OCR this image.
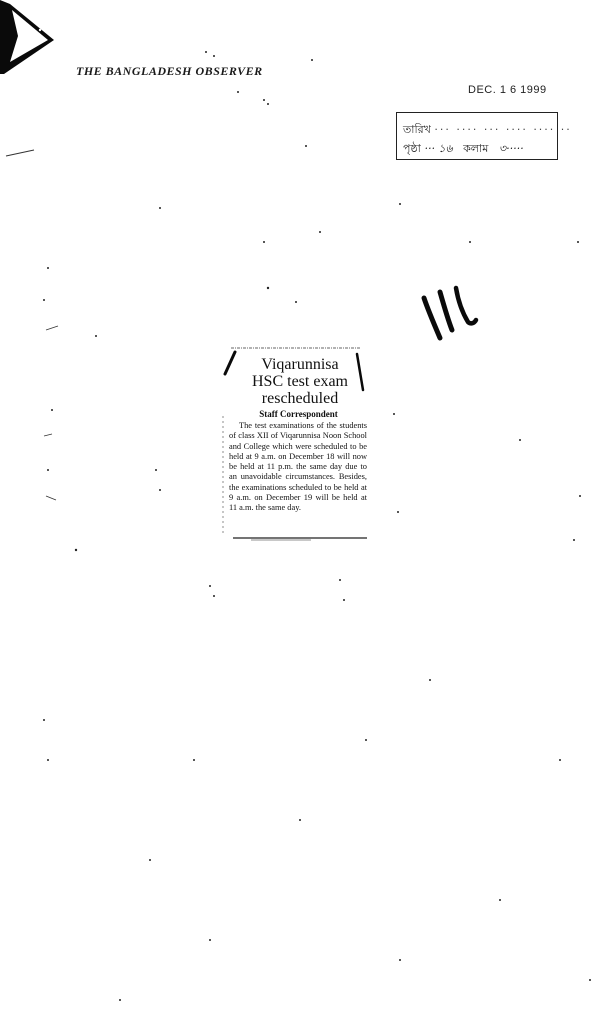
THE BANGLADESH OBSERVER
DEC. 1 6 1999
তারিখ ··· ···· ··· ···· ···· ··
পৃষ্ঠা ··· ১৬ কলাম ৩·····
Viqarunnisa
HSC test exam
rescheduled
Staff Correspondent
The test examinations of the students of class XII of Viqarunnisa Noon School and College which were scheduled to be held at 9 a.m. on December 18 will now be held at 11 p.m. the same day due to an unavoidable circumstances. Besides, the examinations scheduled to be held at 9 a.m. on December 19 will be held at 11 a.m. the same day.
